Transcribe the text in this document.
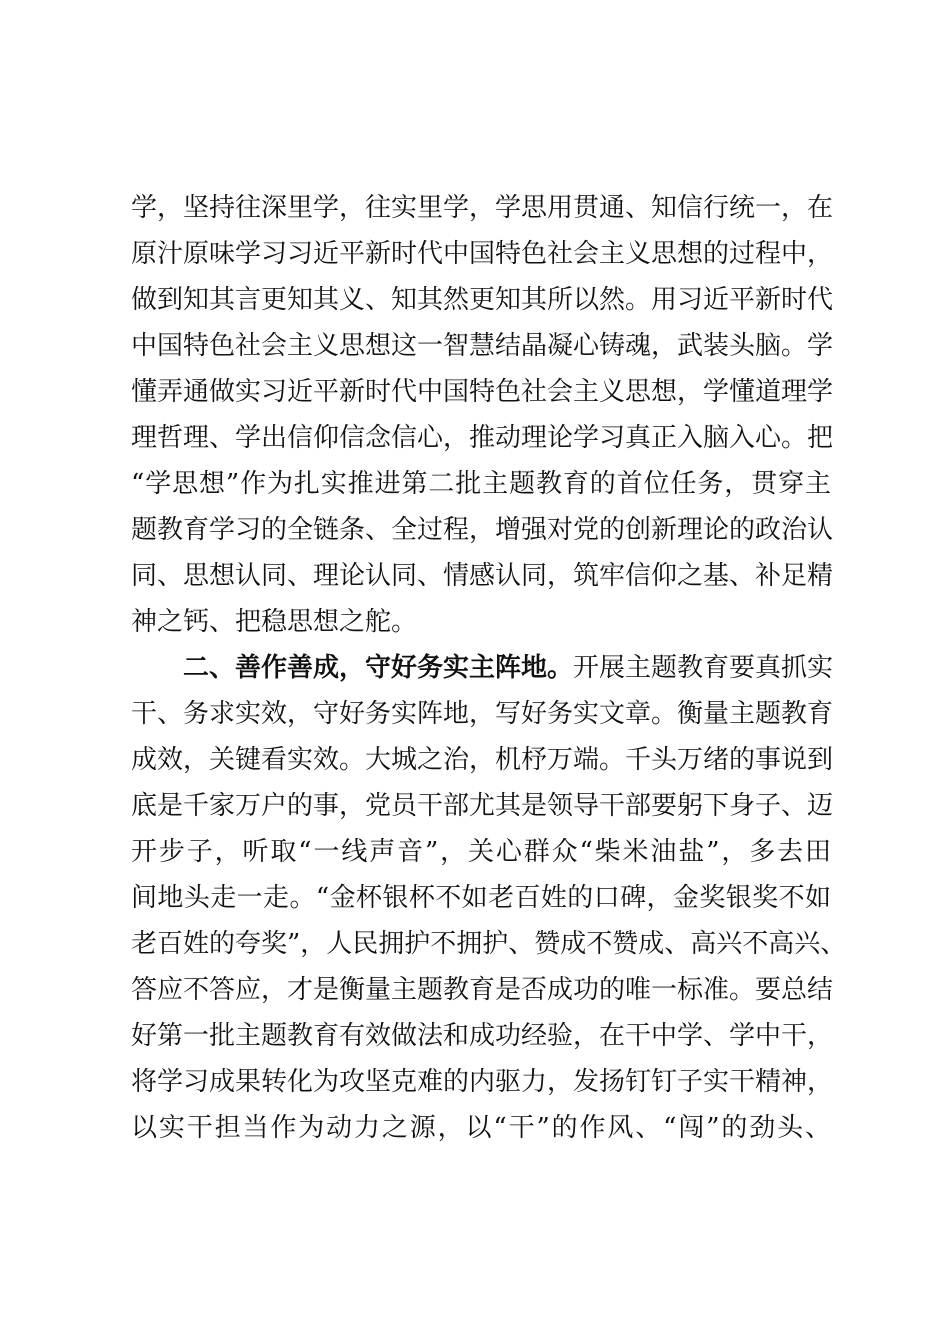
学，坚持往深里学，往实里学，学思用贯通、知信行统一，在
原汁原味学习习近平新时代中国特色社会主义思想的过程中，
做到知其言更知其义、知其然更知其所以然。用习近平新时代
中国特色社会主义思想这一智慧结晶凝心铸魂，武装头脑。学
懂弄通做实习近平新时代中国特色社会主义思想，学懂道理学
理哲理、学出信仰信念信心，推动理论学习真正入脑入心。把
“学思想”作为扎实推进第二批主题教育的首位任务，贯穿主
题教育学习的全链条、全过程，增强对党的创新理论的政治认
同、思想认同、理论认同、情感认同，筑牢信仰之基、补足精
神之钙、把稳思想之舵。
二、善作善成，守好务实主阵地。开展主题教育要真抓实
干、务求实效，守好务实阵地，写好务实文章。衡量主题教育
成效，关键看实效。大城之治，机杼万端。千头万绪的事说到
底是千家万户的事，党员干部尤其是领导干部要躬下身子、迈
开步子，听取“一线声音”，关心群众“柴米油盐”，多去田
间地头走一走。“金杯银杯不如老百姓的口碑，金奖银奖不如
老百姓的夸奖”，人民拥护不拥护、赞成不赞成、高兴不高兴、
答应不答应，才是衡量主题教育是否成功的唯一标准。要总结
好第一批主题教育有效做法和成功经验，在干中学、学中干，
将学习成果转化为攻坚克难的内驱力，发扬钉钉子实干精神，
以实干担当作为动力之源，以“干”的作风、“闯”的劲头、
